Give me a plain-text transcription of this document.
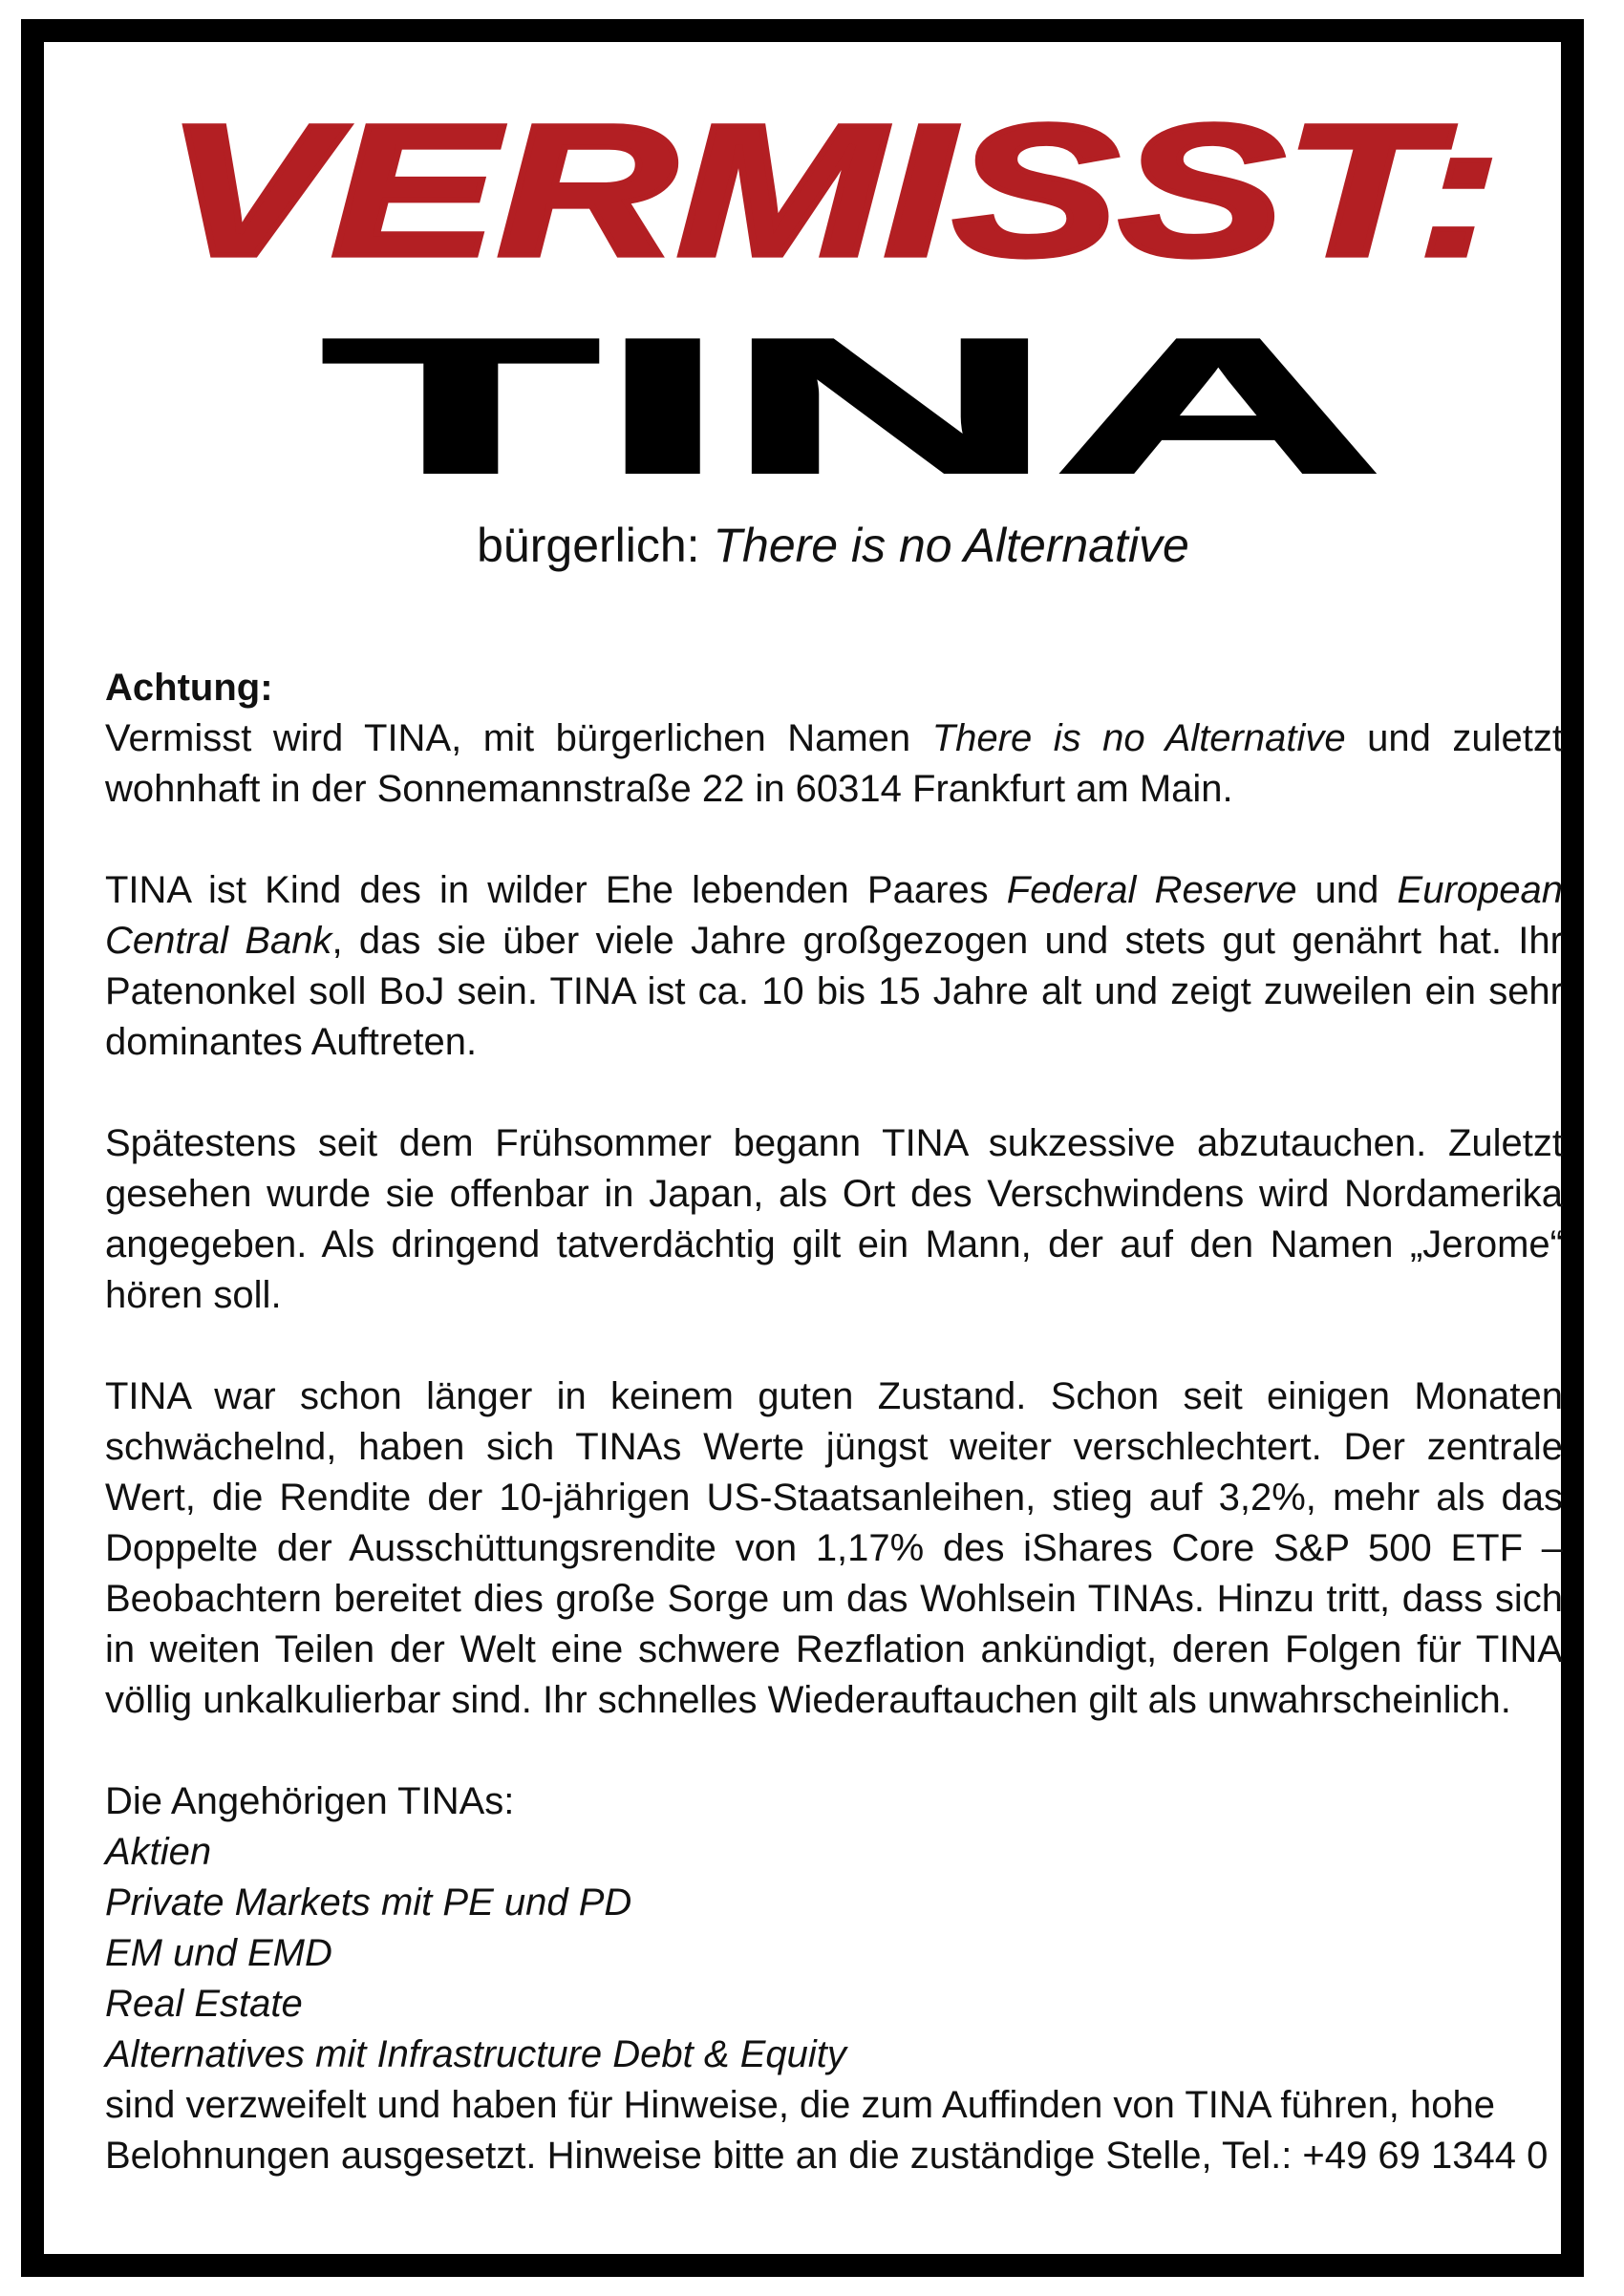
VERMISST:
TINA
bürgerlich: There is no Alternative

Achtung:
Vermisst wird TINA, mit bürgerlichen Namen There is no Alternative und zuletzt wohnhaft in der Sonnemannstraße 22 in 60314 Frankfurt am Main.

TINA ist Kind des in wilder Ehe lebenden Paares Federal Reserve und European Central Bank, das sie über viele Jahre großgezogen und stets gut genährt hat. Ihr Patenonkel soll BoJ sein. TINA ist ca. 10 bis 15 Jahre alt und zeigt zuweilen ein sehr dominantes Auftreten.

Spätestens seit dem Frühsommer begann TINA sukzessive abzutauchen. Zuletzt gesehen wurde sie offenbar in Japan, als Ort des Verschwindens wird Nordamerika angegeben. Als dringend tatverdächtig gilt ein Mann, der auf den Namen „Jerome“ hören soll.

TINA war schon länger in keinem guten Zustand. Schon seit einigen Monaten schwächelnd, haben sich TINAs Werte jüngst weiter verschlechtert. Der zentrale Wert, die Rendite der 10-jährigen US-Staatsanleihen, stieg auf 3,2%, mehr als das Doppelte der Ausschüttungsrendite von 1,17% des iShares Core S&P 500 ETF – Beobachtern bereitet dies große Sorge um das Wohlsein TINAs. Hinzu tritt, dass sich in weiten Teilen der Welt eine schwere Rezflation ankündigt, deren Folgen für TINA völlig unkalkulierbar sind. Ihr schnelles Wiederauftauchen gilt als unwahrscheinlich.

Die Angehörigen TINAs:
Aktien
Private Markets mit PE und PD
EM und EMD
Real Estate
Alternatives mit Infrastructure Debt & Equity
sind verzweifelt und haben für Hinweise, die zum Auffinden von TINA führen, hohe Belohnungen ausgesetzt. Hinweise bitte an die zuständige Stelle, Tel.: +49 69 1344 0
